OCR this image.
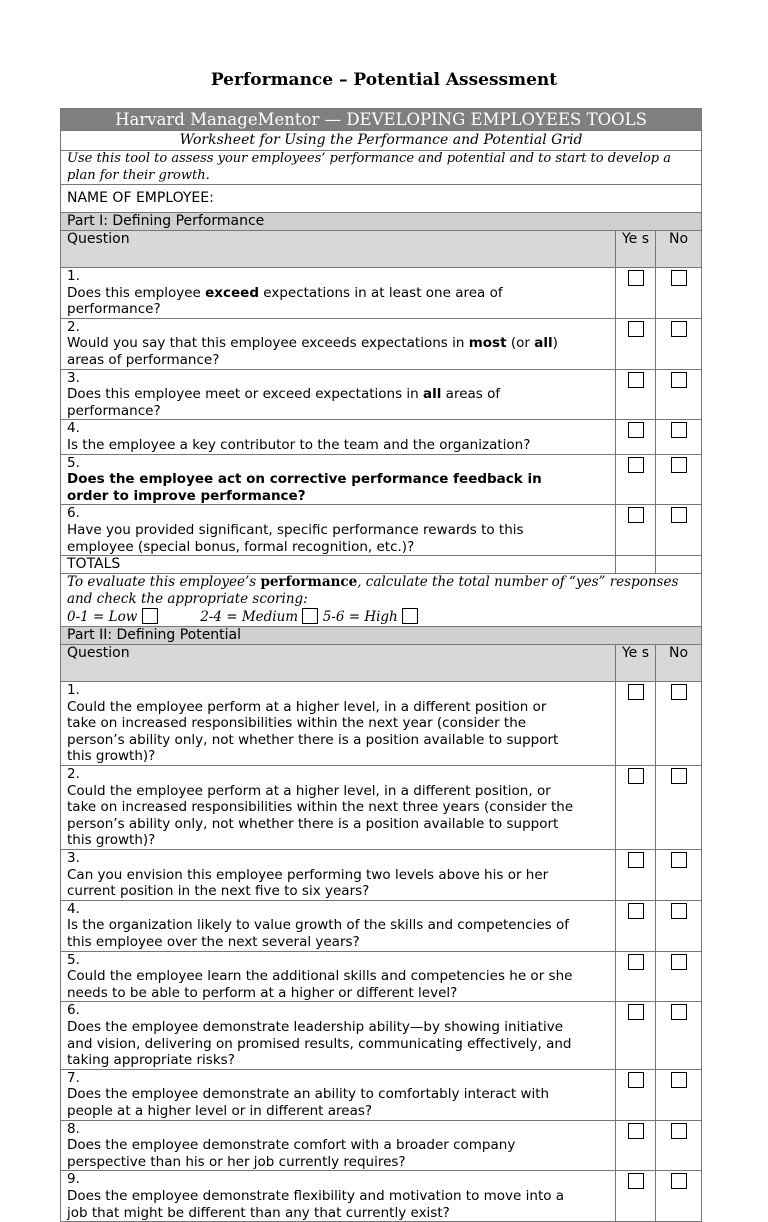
Performance – Potential Assessment
Harvard ManageMentor — DEVELOPING EMPLOYEES TOOLS		
Worksheet for Using the Performance and Potential Grid		
Use this tool to assess your employees’ performance and potential and to start to develop a plan for their growth.		
NAME OF EMPLOYEE:		
Part I: Defining Performance		
Question	Ye s	No
1.Does this employee exceed expectations in at least one area of performance?		
2.Would you say that this employee exceeds expectations in most (or all) areas of performance?		
3.Does this employee meet or exceed expectations in all areas of performance?		
4.Is the employee a key contributor to the team and the organization?		
5.Does the employee act on corrective performance feedback in order to improve performance?		
6.Have you provided significant, specific performance rewards to this employee (special bonus, formal recognition, etc.)?		
TOTALS		
To evaluate this employee’s performance, calculate the total number of “yes” responses and check the appropriate scoring:
0-1 = Low 2-4 = Medium 5-6 = High		
Part II: Defining Potential		
Question	Ye s	No
1.Could the employee perform at a higher level, in a different position or take on increased responsibilities within the next year (consider the person’s ability only, not whether there is a position available to support this growth)?		
2.Could the employee perform at a higher level, in a different position, or take on increased responsibilities within the next three years (consider the person’s ability only, not whether there is a position available to support this growth)?		
3.Can you envision this employee performing two levels above his or her current position in the next five to six years?		
4.Is the organization likely to value growth of the skills and competencies of this employee over the next several years?		
5.Could the employee learn the additional skills and competencies he or she needs to be able to perform at a higher or different level?		
6.Does the employee demonstrate leadership ability—by showing initiative and vision, delivering on promised results, communicating effectively, and taking appropriate risks?		
7.Does the employee demonstrate an ability to comfortably interact with people at a higher level or in different areas?		
8.Does the employee demonstrate comfort with a broader company perspective than his or her job currently requires?		
9.Does the employee demonstrate flexibility and motivation to move into a job that might be different than any that currently exist?		
